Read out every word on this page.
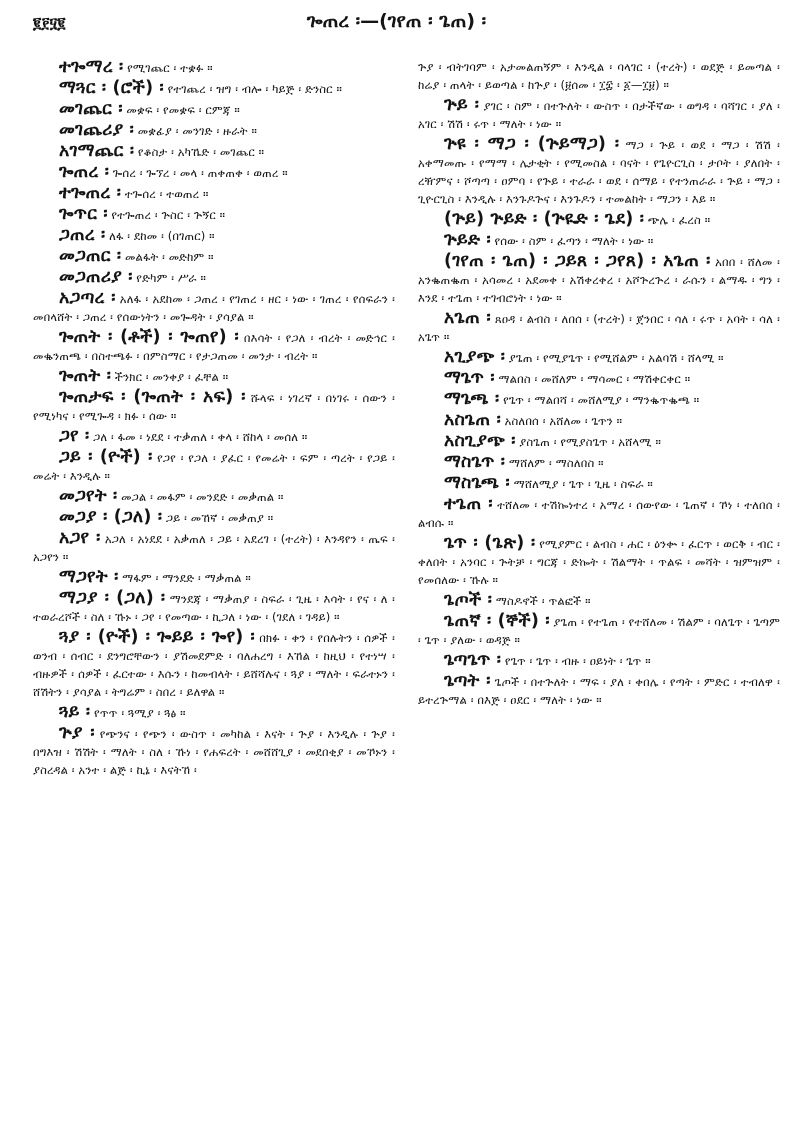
፪፻፶፪	ጐጠረ ፡—(ገየጠ ፡ ጌጠ) ፡

ተጐማረ ፡ የሚገጨር ፡ ተቋፉ ።

ማጓር ፡ (ሮች) ፡ የተገጨረ ፡ ዝግ ፡ ብሎ ፡ ካይጅ ፡ ድንስር ።

መገጨር ፡ መቋፍ ፡ የመቋፍ ፡ ርምጃ ።

መገጨሪያ ፡ መቋፊያ ፡ መንገድ ፡ ዙራት ።

አገማጨር ፡ የቆስታ ፡ አካኼድ ፡ መገጨር ።

ጐጠረ ፡ ጐሰረ ፡ ጐኘረ ፡ መላ ፡ ጠቀጠቀ ፡ ወጠረ ።

ተጐጠረ ፡ ተጐሰረ ፡ ተወጠረ ።

ጐጥር ፡ የተጐጠረ ፡ ጕስር ፡ ጕኝር ።

ጋጠረ ፡ ለፋ ፡ ደከመ ፡ (በገጠር) ።

መጋጠር ፡ መልፋት ፡ መድከም ።

መጋጠሪያ ፡ የድካም ፡ ሥራ ።

አጋጣረ ፡ አለፋ ፡ አደከመ ፡ ጋጠረ ፡ የገጠረ ፡ ዘር ፡ ነው ፡ ገጠረ ፡ የሰፍራን ፡ መበላሸት ፡ ጋጠረ ፡ የሰውነትን ፡ መጐዳት ፡ ያሳያል ።

ጐጠት ፡ (ቶች) ፡ ጐጠየ) ፡ በእሳት ፡ የጋለ ፡ ብረት ፡ መድኅር ፡ መቈንጠጫ ፡ በስተጫፉ ፡ በምስማር ፡ የታጋጠመ ፡ መንታ ፡ ብረት ።

ጐጠት ፡ ችንክር ፡ መንቀያ ፡ ፈቸል ።

ጐጠታፍ ፡ (ጐጠት ፡ አፍ) ፡ ሹላፍ ፡ ነገረኛ ፡ በነገሩ ፡ ሰውን ፡ የሚነካና ፡ የሚጐዳ ፡ ክፉ ፡ ሰው ።

ጋየ ፡ ጋለ ፡ ፋመ ፡ ነደደ ፡ ተቃጠለ ፡ ቀላ ፡ ሸከላ ፡ መሰለ ።

ጋይ ፡ (ዮች) ፡ የጋየ ፡ የጋለ ፡ ያፈር ፡ የመሬት ፡ ፍም ፡ ጣረት ፡ የጋይ ፡ መሬት ፡ እንዲሉ ።

መጋየት ፡ መጋል ፡ መፋም ፡ መንደድ ፡ መቃጠል ።

መጋያ ፡ (ጋለ) ፡ ጋይ ፡ መኸኛ ፡ መቃጠያ ።

አጋየ ፡ አጋለ ፡ አነደደ ፡ አቃጠለ ፡ ጋይ ፡ አደረገ ፡ (ተረት) ፡ እንዳየን ፡ ጤፍ ፡ አጋየን ።

ማጋየት ፡ ማፋም ፡ ማንደድ ፡ ማቃጠል ።

ማጋያ ፡ (ጋለ) ፡ ማንደጃ ፡ ማቃጠያ ፡ ስፍራ ፡ ጊዜ ፡ እሳት ፡ የና ፡ ለ ፡ ተወራረሾች ፡ ስለ ፡ ኹኑ ፡ ጋየ ፡ የመጣው ፡ ኪጋለ ፡ ነው ፡ (ገደለ ፡ ገዳይ) ።

ጓያ ፡ (ዮች) ፡ ጐይይ ፡ ጐየ) ፡ በክፉ ፡ ቀን ፡ የበሉትን ፡ ሰዎች ፡ ወንብ ፡ ሰብር ፡ ደንግሮቸውን ፡ ያሽመደምድ ፡ ባለሐረግ ፡ እኸል ፡ ከዚህ ፡ የተነሣ ፡ ብዙዎች ፡ ሰዎች ፡ ፈርተው ፡ እሱን ፡ ከመብላት ፡ ይሸሻሉና ፡ ጓያ ፡ ማለት ፡ ፍራተኑን ፡ ሸሽትን ፡ ያሳያል ፡ ትግሬም ፡ ስበረ ፡ ይለዋል ።

ጓይ ፡ የጥጥ ፡ ጓሚያ ፡ ጓፅ ።

ጕያ ፡ የጭንና ፡ የጭን ፡ ውስጥ ፡ መካከል ፡ እናት ፡ ጕያ ፡ እንዲሉ ፡ ጕያ ፡ በግእዝ ፡ ሽሽት ፡ ማለት ፡ ስለ ፡ ኹነ ፡ የሐፍረት ፡ መሸሸጊያ ፡ መደበቂያ ፡ መኾኑን ፡ ያስረዳል ፡ አንተ ፡ ልጅ ፡ ኪኔ ፡ እናትኸ ፡

ጕያ ፡ ብትገባም ፡ አታመልጠኝም ፡ እንዲል ፡ ባላገር ፡ (ተረት) ፡ ወደጅ ፡ ይመጣል ፡ ከሬያ ፡ ጠላት ፡ ይወጣል ፡ ከጕያ ፡ (፱ሰመ ፡ ፲፰ ፡ ፩—፲፱) ።

ጕይ ፡ ያገር ፡ ስም ፡ በተጕለት ፡ ውስጥ ፡ በታችኛው ፡ ወግዳ ፡ ባሻገር ፡ ያለ ፡ አገር ፡ ሽሽ ፡ ሩጥ ፡ ማለት ፡ ነው ።

ጕዩ ፡ ማጋ ፡ (ጕይማጋ) ፡ ማጋ ፡ ጕይ ፡ ወደ ፡ ማጋ ፡ ሽሽ ፡ አቀማመጡ ፡ የማማ ፡ ሌታቂት ፡ የሚመስል ፡ ባናት ፡ የጌዮርጊስ ፡ ታቦት ፡ ያለበት ፡ ረዥምና ፡ ሾጣጣ ፡ ዐምባ ፡ የጕይ ፡ ተራራ ፡ ወደ ፡ ሰማይ ፡ የተንጠራራ ፡ ጕይ ፡ ማጋ ፡ ጊዮርጊስ ፡ እንዲሉ ፡ እንጉዶጕና ፡ እንጉዶን ፡ ተመልከት ፡ ማጋን ፡ እይ ።

(ጕይ) ጕይድ ፡ (ጕዪድ ፡ ጌደ) ፡ ጭሌ ፡ ፈረስ ።

ጕይድ ፡ የሰው ፡ ስም ፡ ፈጣን ፡ ማለት ፡ ነው ።

(ገየጠ ፡ ጌጠ) ፡ ጋይጸ ፡ ጋየጸ) ፡ አጌጠ ፡ አበበ ፡ ሸለመ ፡ አንቈጠቈጠ ፡ አሳመረ ፡ አደመቀ ፡ አሽቀረቀረ ፡ አሾጕረጕረ ፡ ራሱን ፡ ልማዱ ፡ ግን ፡ እንደ ፡ ተጌጠ ፡ ተገብሮነት ፡ ነው ።

አጌጠ ፡ ጸዐዳ ፡ ልብስ ፡ ለበሰ ፡ (ተረት) ፡ ጀንበር ፡ ሳለ ፡ ሩጥ ፡ አባት ፡ ሳለ ፡ አጌጥ ።

አጊያጭ ፡ ያጌጠ ፡ የሚያጌጥ ፡ የሚሸልም ፡ አልባሽ ፡ ሸላሚ ።

ማጌጥ ፡ ማልበስ ፡ መሸለም ፡ ማሳመር ፡ ማሽቀርቀር ።

ማጌጫ ፡ የጌጥ ፡ ማልበሻ ፡ መሸለሚያ ፡ ማንቈጥቈጫ ።

አስጌጠ ፡ አስለበሰ ፡ አሸለመ ፡ ጌጥን ።

አስጊያጭ ፡ ያስጌጠ ፡ የሚያስጌጥ ፡ አሸላሚ ።

ማስጌጥ ፡ ማሸለም ፡ ማስለበስ ።

ማስጌጫ ፡ ማሸለሚያ ፡ ጌጥ ፡ ጊዜ ፡ ስፍራ ።

ተጌጠ ፡ ተሸለመ ፡ ተሽኰነተረ ፡ አማረ ፡ ሰውየው ፡ ጌጠኛ ፡ ኾነ ፡ ተለበሰ ፡ ልብሱ ።

ጌጥ ፡ (ጌጽ) ፡ የሚያምር ፡ ልብስ ፡ ሐር ፡ ዕንቍ ፡ ፈርጥ ፡ ወርቅ ፡ ብር ፡ ቀለበት ፡ አንባር ፡ ጕትቻ ፡ ግርጃ ፡ ድኰት ፡ ሽልማት ፡ ጥልፍ ፡ መሻት ፡ ዝምዝም ፡ የመሰለው ፡ ኹሉ ።

ጌጦች ፡ ማስዶኖች ፡ ጥልፎች ።

ጌጠኛ ፡ (ኞች) ፡ ያጌጠ ፡ የተጌጠ ፡ የተሸለመ ፡ ሽልም ፡ ባለጌጥ ፡ ጌጣም ፡ ጌጥ ፡ ያለው ፡ ወዳጅ ።

ጌጣጌጥ ፡ የጌጥ ፡ ጌጥ ፡ ብዙ ፡ ዐይነት ፡ ጌጥ ።

ጌጣት ፡ ጌጦች ፡ በተጕለት ፡ ማፍ ፡ ያለ ፡ ቀበሌ ፡ የጣት ፡ ምድር ፡ ተብለዋ ፡ ይተረጕማል ፡ በእጅ ፡ ዐደር ፡ ማለት ፡ ነው ።
